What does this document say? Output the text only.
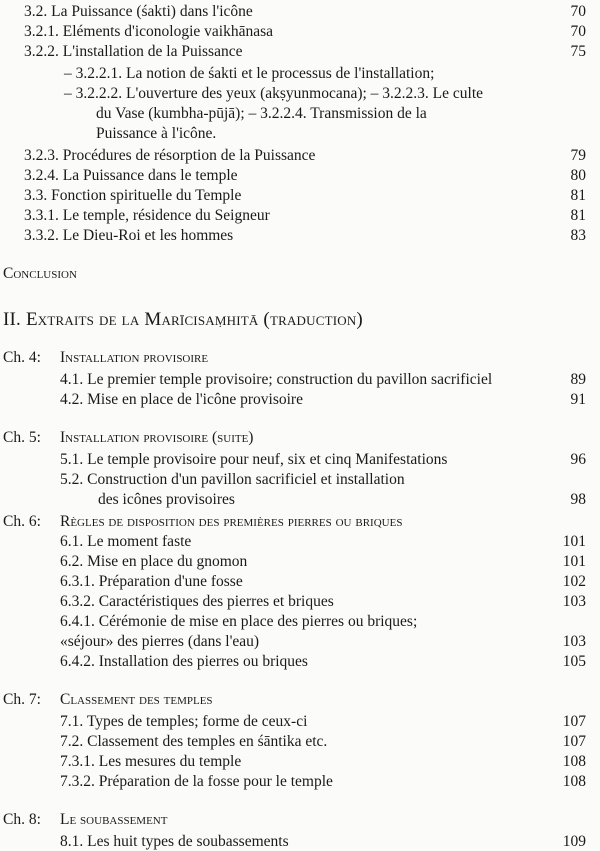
3.2. La Puissance (śakti) dans l'icône	70
3.2.1. Eléments d'iconologie vaikhānasa	70
3.2.2. L'installation de la Puissance	75
– 3.2.2.1. La notion de śakti et le processus de l'installation;
– 3.2.2.2. L'ouverture des yeux (akṣyunmocana); – 3.2.2.3. Le culte
du Vase (kumbha-pūjā); – 3.2.2.4. Transmission de la
Puissance à l'icône.
3.2.3. Procédures de résorption de la Puissance	79
3.2.4. La Puissance dans le temple	80
3.3. Fonction spirituelle du Temple	81
3.3.1. Le temple, résidence du Seigneur	81
3.3.2. Le Dieu-Roi et les hommes	83
Conclusion
II. Extraits de la Marīcisaṃhitā (traduction)
Ch. 4: Installation provisoire
4.1. Le premier temple provisoire; construction du pavillon sacrificiel	89
4.2. Mise en place de l'icône provisoire	91
Ch. 5: Installation provisoire (suite)
5.1. Le temple provisoire pour neuf, six et cinq Manifestations	96
5.2. Construction d'un pavillon sacrificiel et installation
des icônes provisoires	98
Ch. 6: Règles de disposition des premières pierres ou briques
6.1. Le moment faste	101
6.2. Mise en place du gnomon	101
6.3.1. Préparation d'une fosse	102
6.3.2. Caractéristiques des pierres et briques	103
6.4.1. Cérémonie de mise en place des pierres ou briques;
«séjour» des pierres (dans l'eau)	103
6.4.2. Installation des pierres ou briques	105
Ch. 7: Classement des temples
7.1. Types de temples; forme de ceux-ci	107
7.2. Classement des temples en śāntika etc.	107
7.3.1. Les mesures du temple	108
7.3.2. Préparation de la fosse pour le temple	108
Ch. 8: Le soubassement
8.1. Les huit types de soubassements	109
